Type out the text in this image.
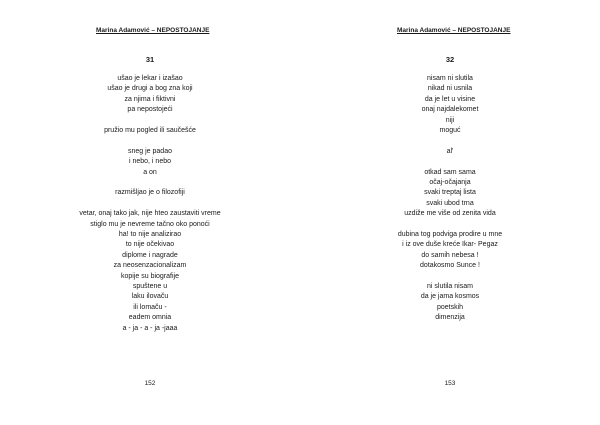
Marina Adamović – NEPOSTOJANJE
31
ušao je lekar i izašao
ušao je drugi a bog zna koji
za njima i fiktivni
pa nepostojeći
pružio mu pogled ili saučešće
sneg je padao
i nebo, i nebo
a on
razmišljao je o filozofiji
vetar, onaj tako jak, nije hteo zaustaviti vreme
stiglo mu je nevreme tačno oko ponoći
ha! to nije analizirao
to nije očekivao
diplome i nagrade
za neosenzacionalizam
kopije su biografije
spuštene u
laku ilovaču
ili lomaču -
eadem omnia
a - ja - a - ja -jaaa
152
Marina Adamović – NEPOSTOJANJE
32
nisam ni slutila
nikad ni usnila
da je let u visine
onaj najdalekomet
niji
moguć
al'
otkad sam sama
očaj-očajanja
svaki treptaj lista
svaki ubod trna
uzdiže me više od zenita vida
dubina tog podviga prodire u mne
i iz ove duše kreće Ikar- Pegaz
do samih nebesa !
dotakosmo Sunce !
ni slutila nisam
da je jama kosmos
poetskih
dimenzija
153
